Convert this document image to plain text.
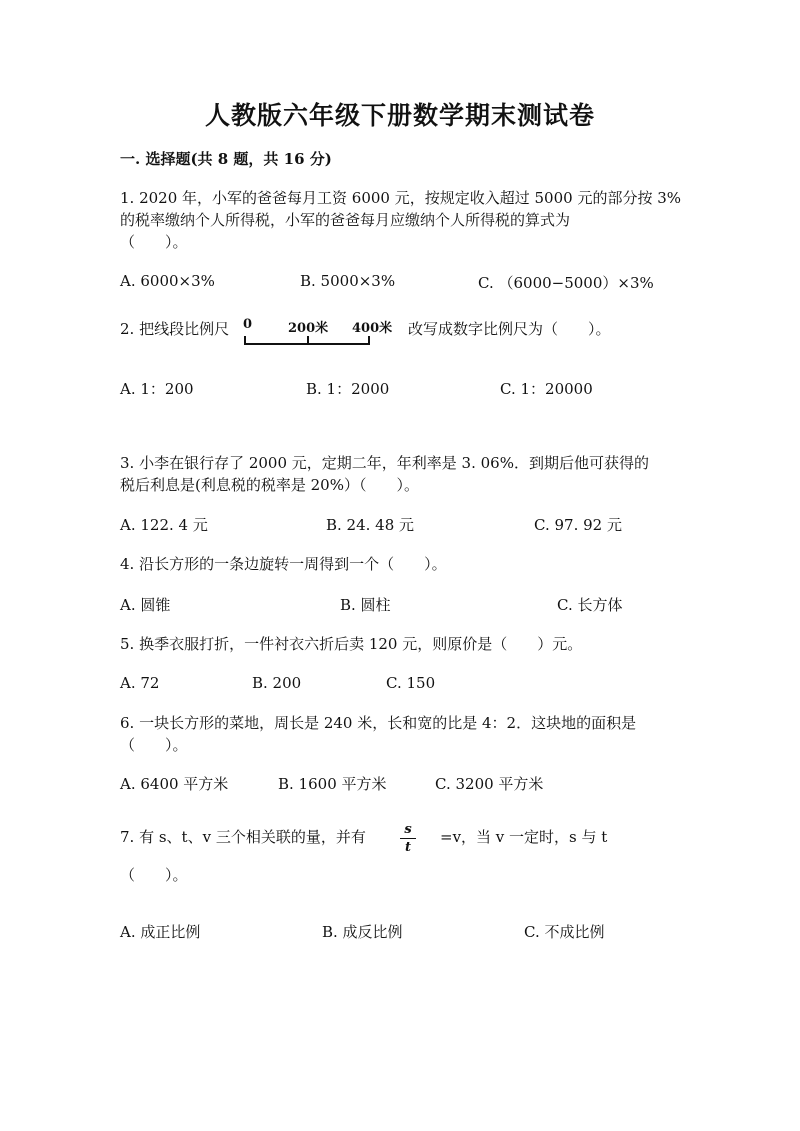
人教版六年级下册数学期末测试卷
一. 选择题(共 8 题，共 16 分)
1. 2020 年，小军的爸爸每月工资 6000 元，按规定收入超过 5000 元的部分按 3%
的税率缴纳个人所得税，小军的爸爸每月应缴纳个人所得税的算式为
（　　）。
A. 6000×3%	B. 5000×3%	C. （6000−5000）×3%
2. 把线段比例尺 0	200米 400米 改写成数字比例尺为（　　）。
A. 1：200	B. 1：2000	C. 1：20000
3. 小李在银行存了 2000 元，定期二年，年利率是 3. 06%．到期后他可获得的
税后利息是(利息税的税率是 20%）（　　）。
A. 122. 4 元	B. 24. 48 元	C. 97. 92 元
4. 沿长方形的一条边旋转一周得到一个（　　）。
A. 圆锥	B. 圆柱	C. 长方体
5. 换季衣服打折，一件衬衣六折后卖 120 元，则原价是（　　）元。
A. 72	B. 200	C. 150
6. 一块长方形的菜地，周长是 240 米，长和宽的比是 4：2．这块地的面积是
（　　）。
A. 6400 平方米	B. 1600 平方米	C. 3200 平方米
7. 有 s、t、v 三个相关联的量，并有	s
t
=v，当 v 一定时，s 与 t
（　　）。
A. 成正比例	B. 成反比例	C. 不成比例
